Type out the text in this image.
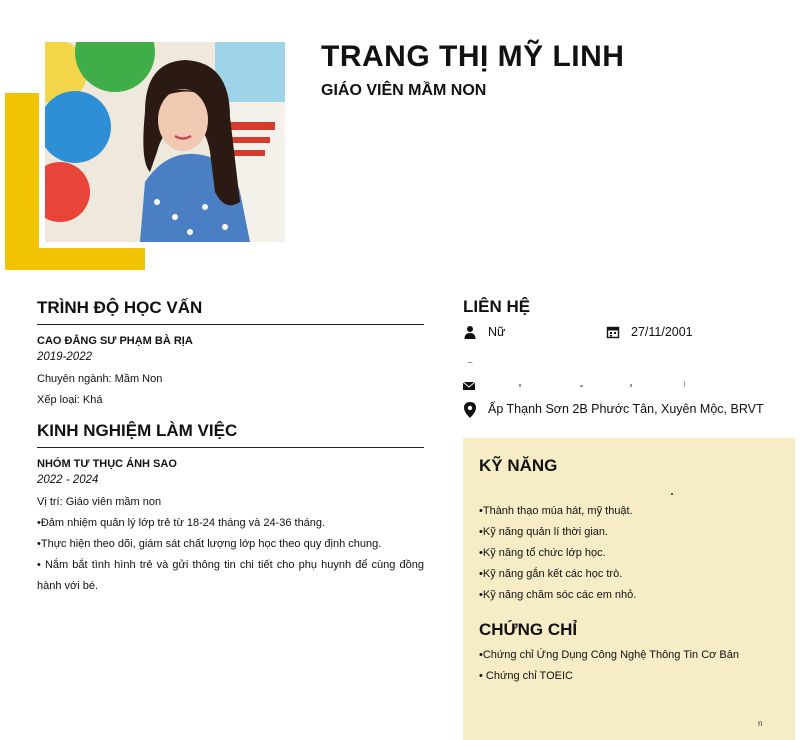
TRANG THỊ MỸ LINH
GIÁO VIÊN MẦM NON
TRÌNH ĐỘ HỌC VẤN

CAO ĐẲNG SƯ PHẠM BÀ RỊA

2019-2022

Chuyên ngành: Mầm Non

Xếp loại: Khá

KINH NGHIỆM LÀM VIỆC

NHÓM TƯ THỤC ÁNH SAO

2022 - 2024

Vị trí: Giáo viên mầm non

•Đảm nhiệm quản lý lớp trẻ từ 18-24 tháng và 24-36 tháng.

•Thực hiện theo dõi, giám sát chất lượng lớp học theo quy định chung.

• Nắm bắt tình hình trẻ và gửi thông tin chi tiết cho phụ huynh để cùng đồng hành với bé.

LIÊN HỆ
Nữ	27/11/2001
Ấp Thạnh Sơn 2B Phước Tân, Xuyên Mộc, BRVT
KỸ NĂNG
•Thành thạo múa hát, mỹ thuật.
•Kỹ năng quản lí thời gian.
•Kỹ năng tổ chức lớp học.
•Kỹ năng gắn kết các học trò.
•Kỹ năng chăm sóc các em nhỏ.
CHỨNG CHỈ
•Chứng chỉ Ứng Dụng Công Nghệ Thông Tin Cơ Bản
• Chứng chỉ TOEIC
n
